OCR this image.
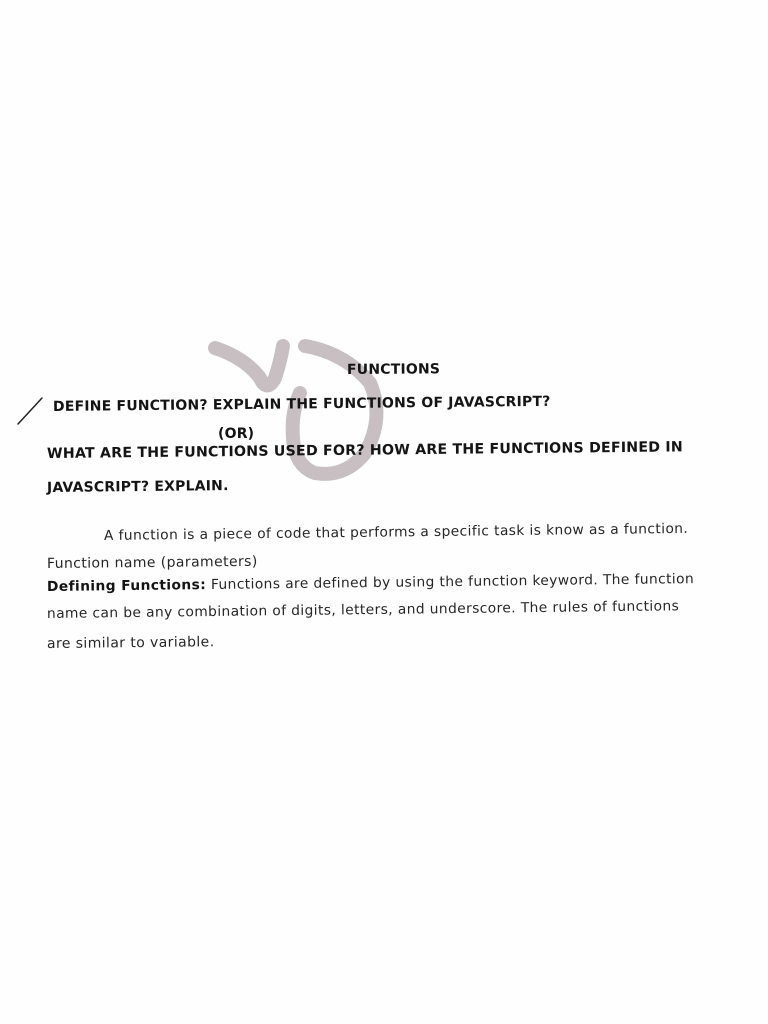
FUNCTIONS
DEFINE FUNCTION? EXPLAIN THE FUNCTIONS OF JAVASCRIPT?
(OR)
WHAT ARE THE FUNCTIONS USED FOR? HOW ARE THE FUNCTIONS DEFINED IN
JAVASCRIPT? EXPLAIN.
A function is a piece of code that performs a specific task is know as a function.
Function name (parameters)
Defining Functions: Functions are defined by using the function keyword. The function
name can be any combination of digits, letters, and underscore. The rules of functions
are similar to variable.
